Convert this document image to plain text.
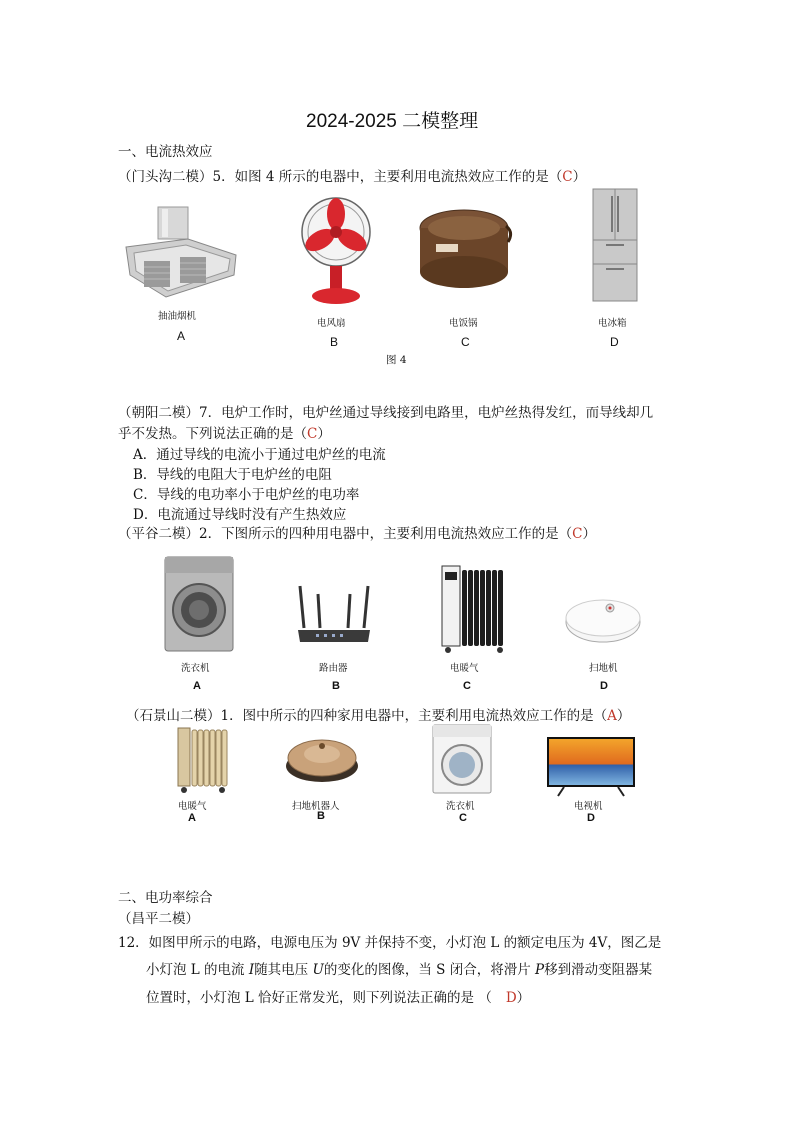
2024-2025 二模整理
一、电流热效应
（门头沟二模）5．如图 4 所示的电器中，主要利用电流热效应工作的是（C）
抽油烟机
A
电风扇
B
电饭锅
C
电冰箱
D
图 4
（朝阳二模）7．电炉工作时，电炉丝通过导线接到电路里，电炉丝热得发红，而导线却几
乎不发热。下列说法正确的是（C）
A．通过导线的电流小于通过电炉丝的电流
B．导线的电阻大于电炉丝的电阻
C．导线的电功率小于电炉丝的电功率
D．电流通过导线时没有产生热效应
（平谷二模）2．下图所示的四种用电器中，主要利用电流热效应工作的是（C）
洗衣机
A
路由器
B
电暖气
C
扫地机
D
（石景山二模）1．图中所示的四种家用电器中，主要利用电流热效应工作的是（A）
电暖气
A
扫地机器人
B
洗衣机
C
电视机
D
二、电功率综合
（昌平二模）
12．如图甲所示的电路，电源电压为 9V 并保持不变，小灯泡 L 的额定电压为 4V，图乙是
小灯泡 L 的电流 I随其电压 U的变化的图像，当 S 闭合，将滑片 P移到滑动变阻器某
位置时，小灯泡 L 恰好正常发光，则下列说法正确的是 （ D）
